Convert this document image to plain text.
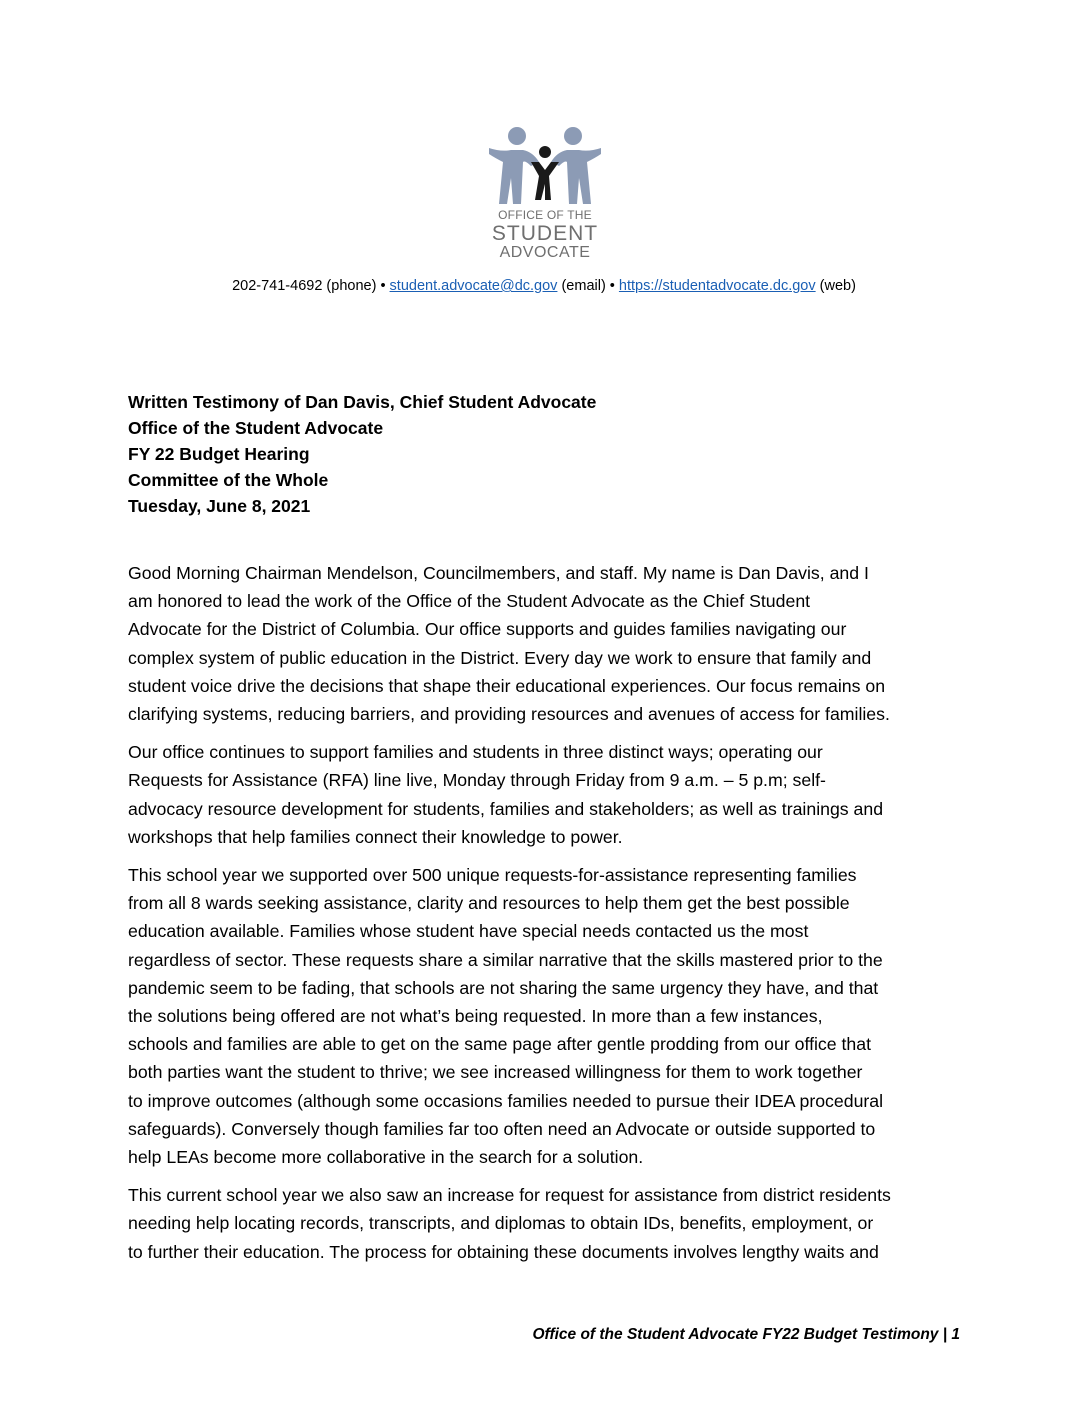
OFFICE OF THE
STUDENT
ADVOCATE
202-741-4692 (phone) • student.advocate@dc.gov (email) • https://studentadvocate.dc.gov (web)
Written Testimony of Dan Davis, Chief Student Advocate
Office of the Student Advocate
FY 22 Budget Hearing
Committee of the Whole
Tuesday, June 8, 2021

Good Morning Chairman Mendelson, Councilmembers, and staff. My name is Dan Davis, and I
am honored to lead the work of the Office of the Student Advocate as the Chief Student
Advocate for the District of Columbia. Our office supports and guides families navigating our
complex system of public education in the District. Every day we work to ensure that family and
student voice drive the decisions that shape their educational experiences. Our focus remains on
clarifying systems, reducing barriers, and providing resources and avenues of access for families.

Our office continues to support families and students in three distinct ways; operating our
Requests for Assistance (RFA) line live, Monday through Friday from 9 a.m. – 5 p.m; self-
advocacy resource development for students, families and stakeholders; as well as trainings and
workshops that help families connect their knowledge to power.

This school year we supported over 500 unique requests-for-assistance representing families
from all 8 wards seeking assistance, clarity and resources to help them get the best possible
education available. Families whose student have special needs contacted us the most
regardless of sector. These requests share a similar narrative that the skills mastered prior to the
pandemic seem to be fading, that schools are not sharing the same urgency they have, and that
the solutions being offered are not what’s being requested. In more than a few instances,
schools and families are able to get on the same page after gentle prodding from our office that
both parties want the student to thrive; we see increased willingness for them to work together
to improve outcomes (although some occasions families needed to pursue their IDEA procedural
safeguards). Conversely though families far too often need an Advocate or outside supported to
help LEAs become more collaborative in the search for a solution.

This current school year we also saw an increase for request for assistance from district residents
needing help locating records, transcripts, and diplomas to obtain IDs, benefits, employment, or
to further their education. The process for obtaining these documents involves lengthy waits and

Office of the Student Advocate FY22 Budget Testimony | 1
